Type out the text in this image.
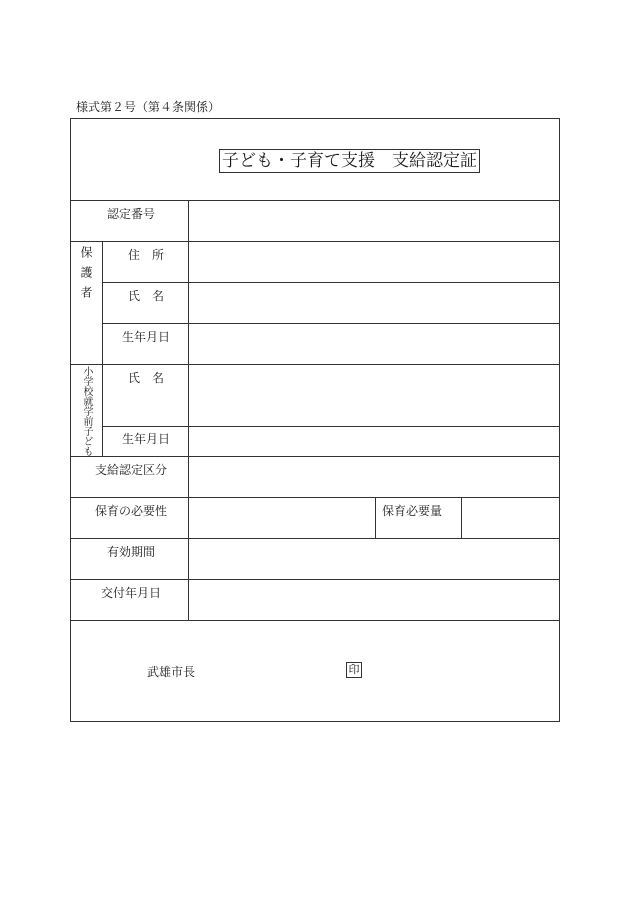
様式第２号（第４条関係）
子ども・子育て支援　支給認定証
認定番号
保護者	住　所
氏　名
生年月日
小学校就学前子ども	氏　名
生年月日
支給認定区分
保育の必要性	保育必要量
有効期間
交付年月日
武雄市長	印
